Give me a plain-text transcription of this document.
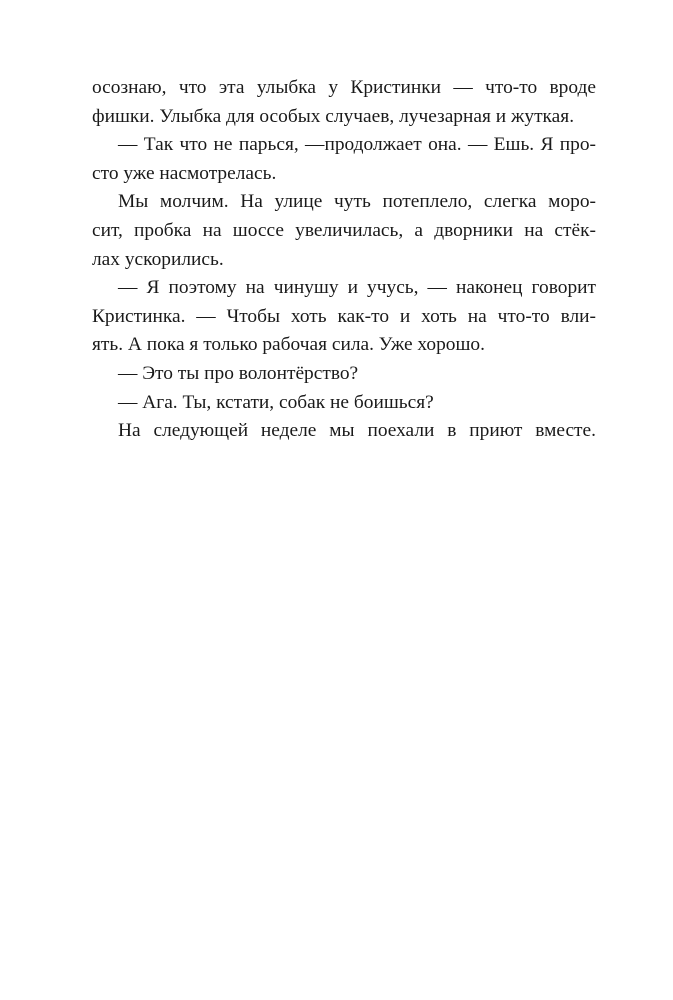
осознаю, что эта улыбка у Кристинки — что-то вроде
фишки. Улыбка для особых случаев, лучезарная и жуткая.
— Так что не парься, —продолжает она. — Ешь. Я про-
сто уже насмотрелась.
Мы молчим. На улице чуть потеплело, слегка моро-
сит, пробка на шоссе увеличилась, а дворники на стёк-
лах ускорились.
— Я поэтому на чинушу и учусь, — наконец говорит
Кристинка. — Чтобы хоть как-то и хоть на что-то вли-
ять. А пока я только рабочая сила. Уже хорошо.
— Это ты про волонтёрство?
— Ага. Ты, кстати, собак не боишься?
На следующей неделе мы поехали в приют вместе.
